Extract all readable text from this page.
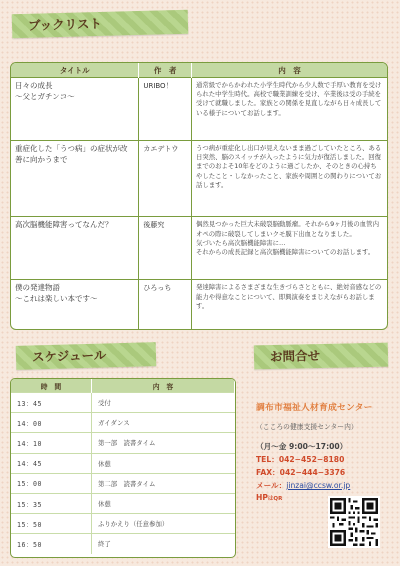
ブックリスト
タイトル	作　者	内　容
日々の成長
〜父とガチンコ〜	URIBO！	通常級でからかわれた小学生時代から少人数で手厚い教育を受けられた中学生時代。高校で職業訓練を受け、卒業後は受の手続を受けて就職しました。家族との関係を見直しながら日々成長している様子についてお話します。
重症化した「うつ病」の症状が改善に向かうまで	カエデトウ	うつ病が重症化し出口が見えないまま過ごしていたところ、ある日突然、脳のスイッチが入ったように気力が復活しました。回復までのおよそ10年をどのように過ごしたか、そのときの心持ちやしたこと・しなかったこと、家族や周囲との関わりについてお話します。
高次脳機能障害ってなんだ？	後藤究	偶然見つかった巨大未破裂脳動脈瘤。それから9ヶ月後の血管内オペの際に破裂してしまいクモ膜下出血となりました。
気づいたら高次脳機能障害に…
それからの成長記録と高次脳機能障害についてのお話します。
僕の発達物語
〜これは楽しい本です〜	ひろっち	発達障害によるさまざまな生きづらさとともに、絶対音感などの能力や得意なことについて、即興演奏をまじえながらお話します。
スケジュール	お問合せ
時　間	内　容
13：45	受付
14：00	ガイダンス
14：10	第一部　読書タイム
14：45	休憩
15：00	第二部　読書タイム
15：35	休憩
15：50	ふりかえり（任意参加）
16：50	終了
調布市福祉人材育成センター
（こころの健康支援センター内）
（月〜金 9:00〜17:00）
TEL：042−452−8180
FAX：042−444−3376
メール：jinzai@ccsw.or.jp
HPはQR
